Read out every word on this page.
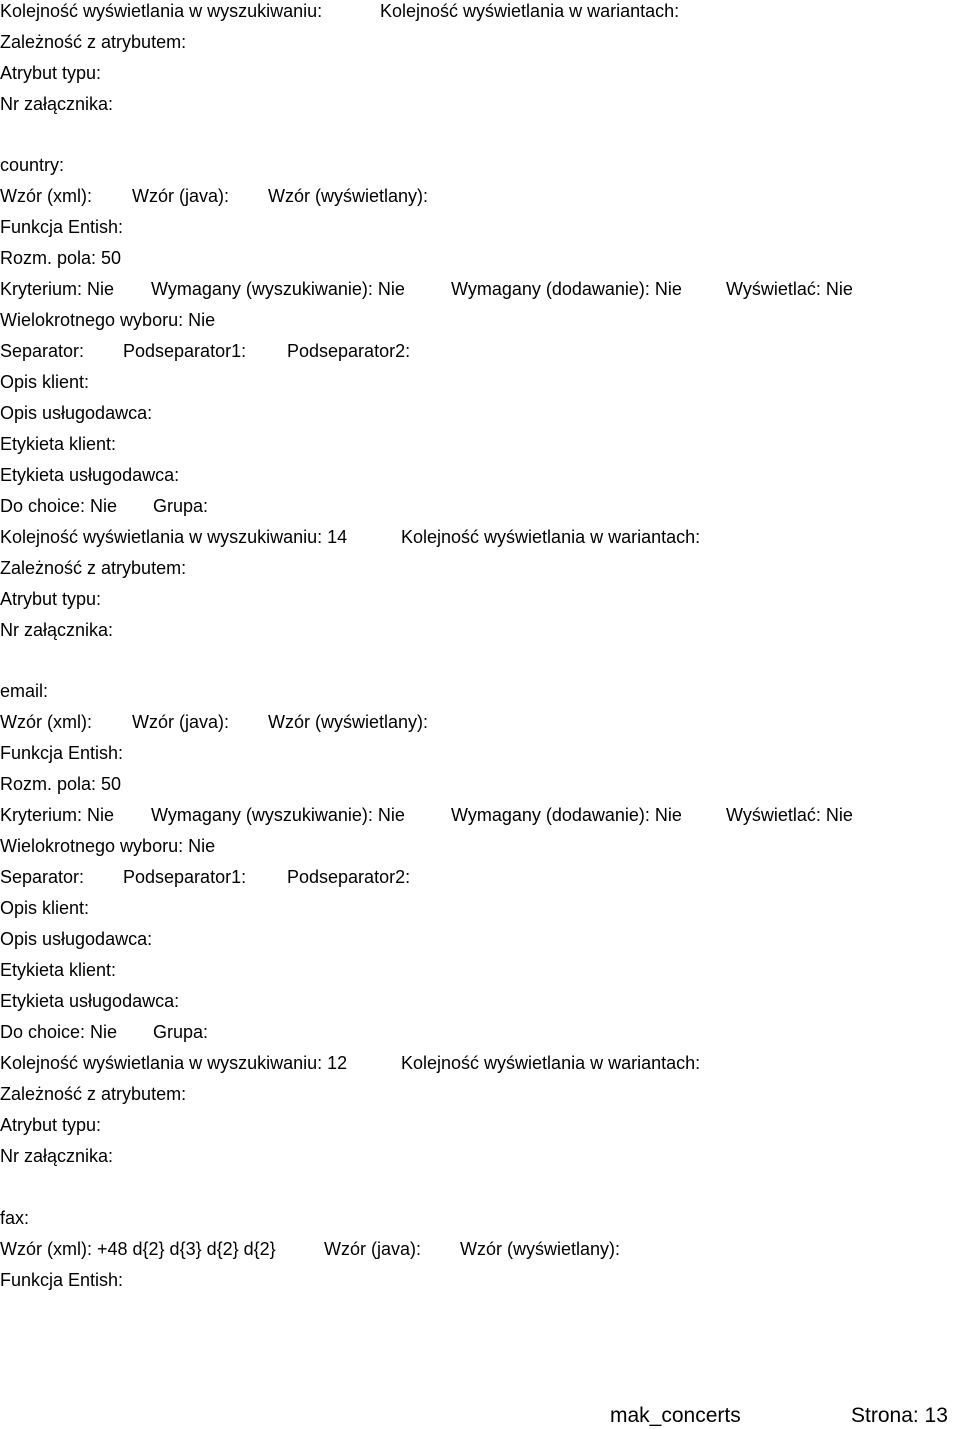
Kolejność wyświetlania w wyszukiwaniu:	Kolejność wyświetlania w wariantach:
Zależność z atrybutem:
Atrybut typu:
Nr załącznika:
country:
Wzór (xml): Wzór (java): Wzór (wyświetlany):
Funkcja Entish:
Rozm. pola: 50
Kryterium: Nie Wymagany (wyszukiwanie): Nie	Wymagany (dodawanie): Nie Wyświetlać: Nie
Wielokrotnego wyboru: Nie
Separator: Podseparator1: Podseparator2:
Opis klient:
Opis usługodawca:
Etykieta klient:
Etykieta usługodawca:
Do choice: Nie Grupa:
Kolejność wyświetlania w wyszukiwaniu: 14	Kolejność wyświetlania w wariantach:
Zależność z atrybutem:
Atrybut typu:
Nr załącznika:
email:
Wzór (xml): Wzór (java): Wzór (wyświetlany):
Funkcja Entish:
Rozm. pola: 50
Kryterium: Nie Wymagany (wyszukiwanie): Nie	Wymagany (dodawanie): Nie Wyświetlać: Nie
Wielokrotnego wyboru: Nie
Separator: Podseparator1: Podseparator2:
Opis klient:
Opis usługodawca:
Etykieta klient:
Etykieta usługodawca:
Do choice: Nie Grupa:
Kolejność wyświetlania w wyszukiwaniu: 12	Kolejność wyświetlania w wariantach:
Zależność z atrybutem:
Atrybut typu:
Nr załącznika:
fax:
Wzór (xml): +48 d{2} d{3} d{2} d{2}	Wzór (java): Wzór (wyświetlany):
Funkcja Entish:
mak_concerts	Strona: 13
